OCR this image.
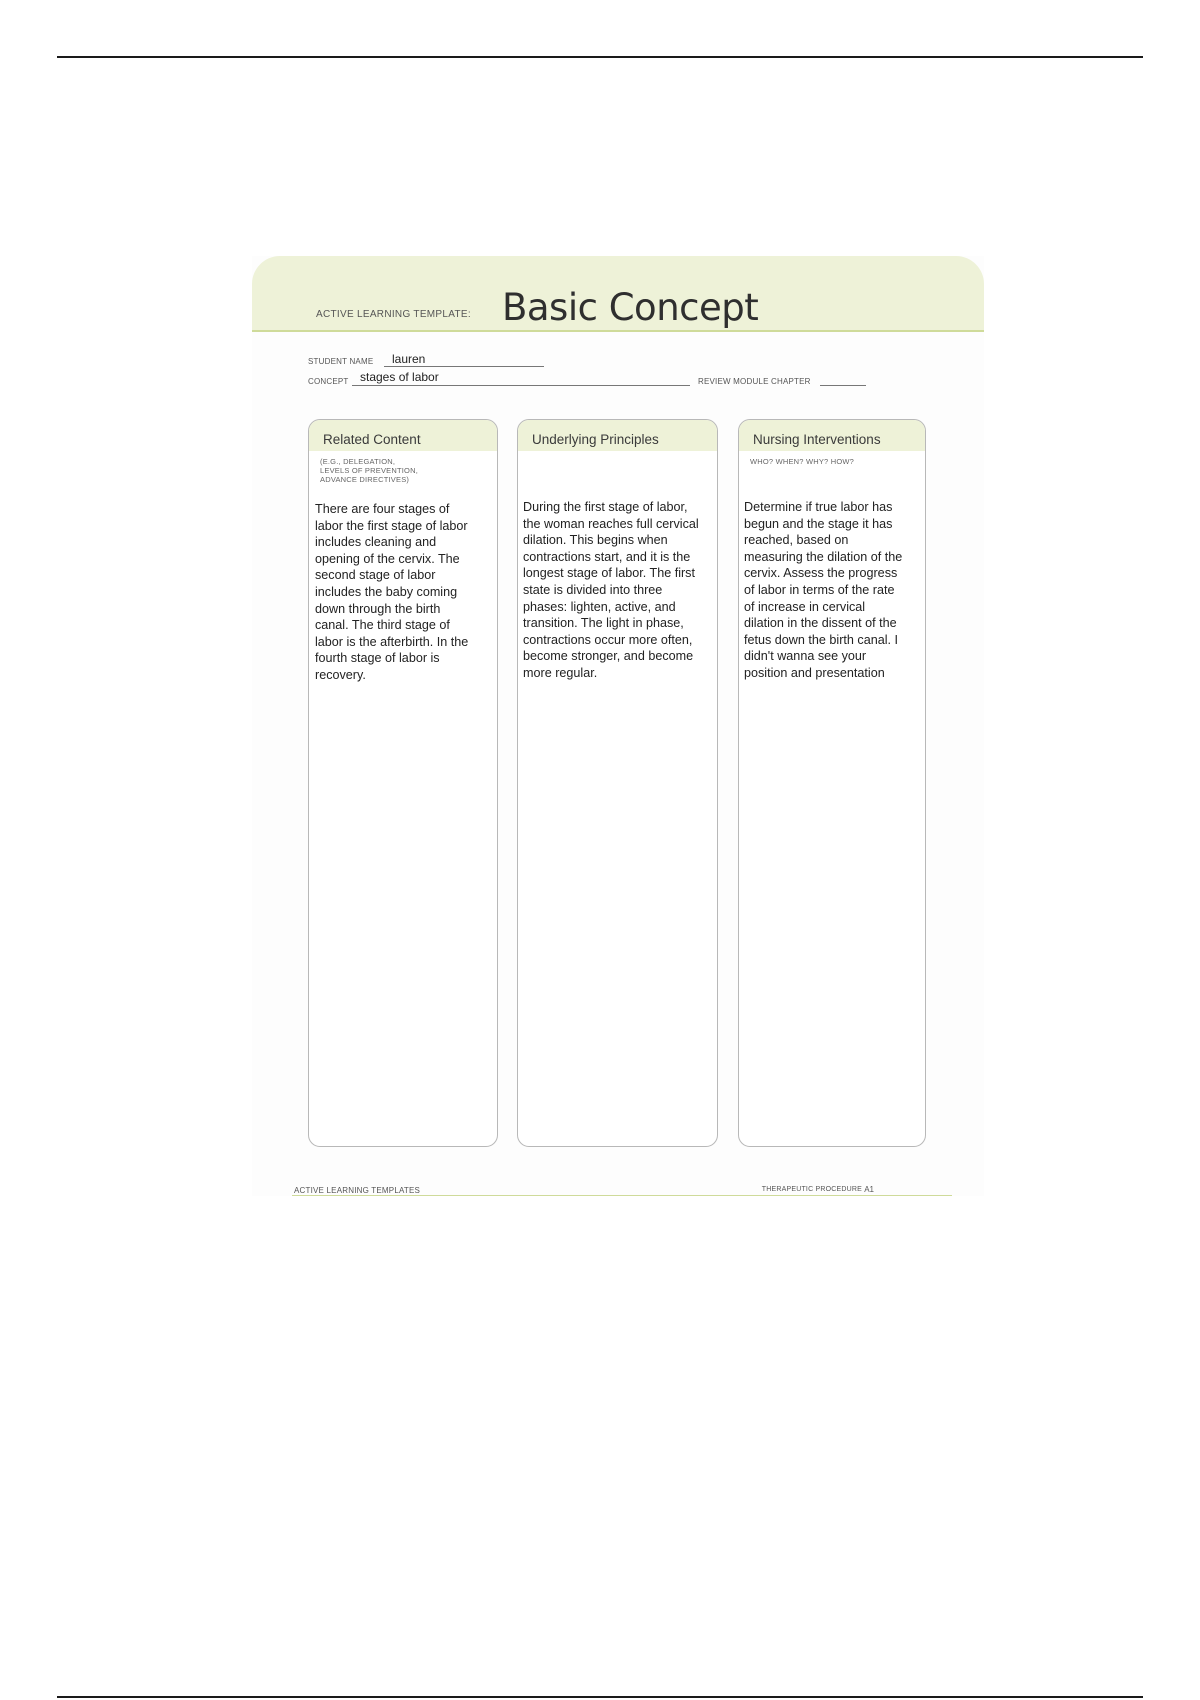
ACTIVE LEARNING TEMPLATE: Basic Concept
STUDENT NAME lauren
CONCEPT stages of labor	REVIEW MODULE CHAPTER
Related Content
(E.G., DELEGATION,
LEVELS OF PREVENTION,
ADVANCE DIRECTIVES)
There are four stages of labor the first stage of labor includes cleaning and opening of the cervix. The second stage of labor includes the baby coming down through the birth canal. The third stage of labor is the afterbirth. In the fourth stage of labor is recovery.
Underlying Principles
During the first stage of labor, the woman reaches full cervical dilation. This begins when contractions start, and it is the longest stage of labor. The first state is divided into three phases: lighten, active, and transition. The light in phase, contractions occur more often, become stronger, and become more regular.
Nursing Interventions
WHO? WHEN? WHY? HOW?
Determine if true labor has begun and the stage it has reached, based on measuring the dilation of the cervix. Assess the progress of labor in terms of the rate of increase in cervical dilation in the dissent of the fetus down the birth canal. I didn't wanna see your position and presentation
ACTIVE LEARNING TEMPLATES	THERAPEUTIC PROCEDURE A1
